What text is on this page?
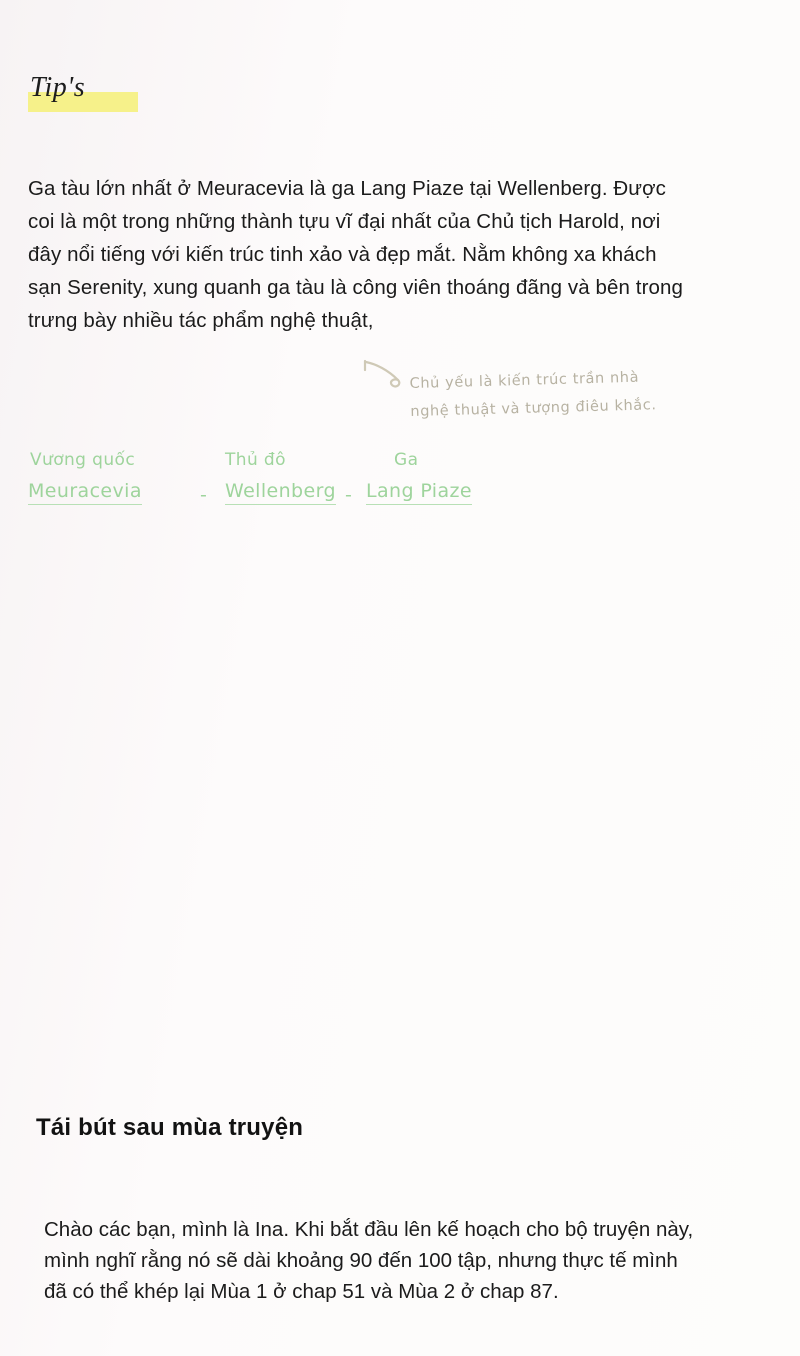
Tip's
Ga tàu lớn nhất ở Meuracevia là ga Lang Piaze tại Wellenberg. Được coi là một trong những thành tựu vĩ đại nhất của Chủ tịch Harold, nơi đây nổi tiếng với kiến trúc tinh xảo và đẹp mắt. Nằm không xa khách sạn Serenity, xung quanh ga tàu là công viên thoáng đãng và bên trong trưng bày nhiều tác phẩm nghệ thuật,
Chủ yếu là kiến trúc trần nhà
nghệ thuật và tượng điêu khắc.
Vương quốc
Meuracevia	-
Thủ đô
Wellenberg -
Ga
Lang Piaze
Tái bút sau mùa truyện
Chào các bạn, mình là Ina. Khi bắt đầu lên kế hoạch cho bộ truyện này, mình nghĩ rằng nó sẽ dài khoảng 90 đến 100 tập, nhưng thực tế mình đã có thể khép lại Mùa 1 ở chap 51 và Mùa 2 ở chap 87.
